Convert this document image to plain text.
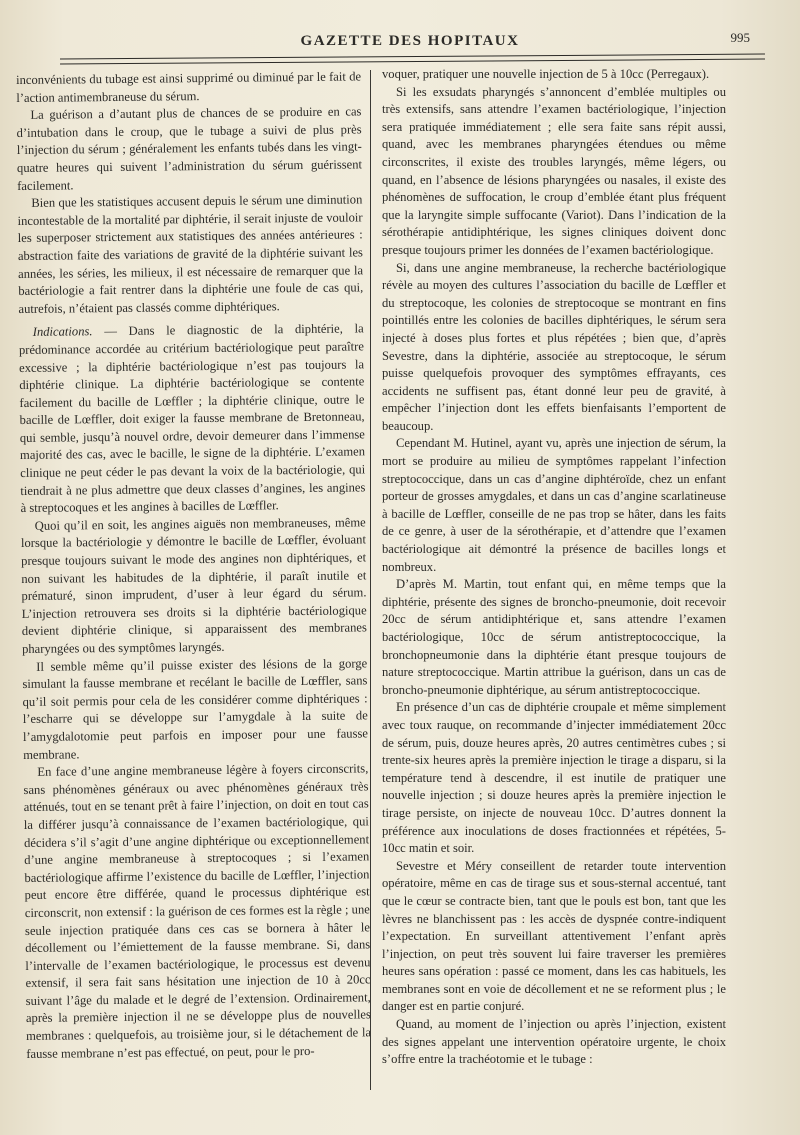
GAZETTE DES HOPITAUX	995

inconvénients du tubage est ainsi supprimé ou diminué par le fait de l’action antimembraneuse du sérum.

La guérison a d’autant plus de chances de se produire en cas d’intubation dans le croup, que le tubage a suivi de plus près l’injection du sérum ; généralement les enfants tubés dans les vingt-quatre heures qui suivent l’administration du sérum guérissent facilement.

Bien que les statistiques accusent depuis le sérum une diminution incontestable de la mortalité par diphtérie, il serait injuste de vouloir les superposer strictement aux statistiques des années antérieures : abstraction faite des variations de gravité de la diphtérie suivant les années, les séries, les milieux, il est nécessaire de remarquer que la bactériologie a fait rentrer dans la diphtérie une foule de cas qui, autrefois, n’étaient pas classés comme diphtériques.

Indications. — Dans le diagnostic de la diphtérie, la prédominance accordée au critérium bactériologique peut paraître excessive ; la diphtérie bactériologique n’est pas toujours la diphtérie clinique. La diphtérie bactériologique se contente facilement du bacille de Lœffler ; la diphtérie clinique, outre le bacille de Lœffler, doit exiger la fausse membrane de Bretonneau, qui semble, jusqu’à nouvel ordre, devoir demeurer dans l’immense majorité des cas, avec le bacille, le signe de la diphtérie. L’examen clinique ne peut céder le pas devant la voix de la bactériologie, qui tiendrait à ne plus admettre que deux classes d’angines, les angines à streptocoques et les angines à bacilles de Lœffler.

Quoi qu’il en soit, les angines aiguës non membraneuses, même lorsque la bactériologie y démontre le bacille de Lœffler, évoluant presque toujours suivant le mode des angines non diphtériques, et non suivant les habitudes de la diphtérie, il paraît inutile et prématuré, sinon imprudent, d’user à leur égard du sérum. L’injection retrouvera ses droits si la diphtérie bactériologique devient diphtérie clinique, si apparaissent des membranes pharyngées ou des symptômes laryngés.

Il semble même qu’il puisse exister des lésions de la gorge simulant la fausse membrane et recélant le bacille de Lœffler, sans qu’il soit permis pour cela de les considérer comme diphtériques : l’escharre qui se développe sur l’amygdale à la suite de l’amygdalotomie peut parfois en imposer pour une fausse membrane.

En face d’une angine membraneuse légère à foyers circonscrits, sans phénomènes généraux ou avec phénomènes généraux très atténués, tout en se tenant prêt à faire l’injection, on doit en tout cas la différer jusqu’à connaissance de l’examen bactériologique, qui décidera s’il s’agit d’une angine diphtérique ou exceptionnellement d’une angine membraneuse à streptocoques ; si l’examen bactériologique affirme l’existence du bacille de Lœffler, l’injection peut encore être différée, quand le processus diphtérique est circonscrit, non extensif : la guérison de ces formes est la règle ; une seule injection pratiquée dans ces cas se bornera à hâter le décollement ou l’émiettement de la fausse membrane. Si, dans l’intervalle de l’examen bactériologique, le processus est devenu extensif, il sera fait sans hésitation une injection de 10 à 20cc suivant l’âge du malade et le degré de l’extension. Ordinairement, après la première injection il ne se développe plus de nouvelles membranes : quelquefois, au troisième jour, si le détachement de la fausse membrane n’est pas effectué, on peut, pour le pro-

voquer, pratiquer une nouvelle injection de 5 à 10cc (Perregaux).

Si les exsudats pharyngés s’annoncent d’emblée multiples ou très extensifs, sans attendre l’examen bactériologique, l’injection sera pratiquée immédiatement ; elle sera faite sans répit aussi, quand, avec les membranes pharyngées étendues ou même circonscrites, il existe des troubles laryngés, même légers, ou quand, en l’absence de lésions pharyngées ou nasales, il existe des phénomènes de suffocation, le croup d’emblée étant plus fréquent que la laryngite simple suffocante (Variot). Dans l’indication de la sérothérapie antidiphtérique, les signes cliniques doivent donc presque toujours primer les données de l’examen bactériologique.

Si, dans une angine membraneuse, la recherche bactériologique révèle au moyen des cultures l’association du bacille de Lœffler et du streptocoque, les colonies de streptocoque se montrant en fins pointillés entre les colonies de bacilles diphtériques, le sérum sera injecté à doses plus fortes et plus répétées ; bien que, d’après Sevestre, dans la diphtérie, associée au streptocoque, le sérum puisse quelquefois provoquer des symptômes effrayants, ces accidents ne suffisent pas, étant donné leur peu de gravité, à empêcher l’injection dont les effets bienfaisants l’emportent de beaucoup.

Cependant M. Hutinel, ayant vu, après une injection de sérum, la mort se produire au milieu de symptômes rappelant l’infection streptococcique, dans un cas d’angine diphtéroïde, chez un enfant porteur de grosses amygdales, et dans un cas d’angine scarlatineuse à bacille de Lœffler, conseille de ne pas trop se hâter, dans les faits de ce genre, à user de la sérothérapie, et d’attendre que l’examen bactériologique ait démontré la présence de bacilles longs et nombreux.

D’après M. Martin, tout enfant qui, en même temps que la diphtérie, présente des signes de broncho-pneumonie, doit recevoir 20cc de sérum antidiphtérique et, sans attendre l’examen bactériologique, 10cc de sérum antistreptococcique, la bronchopneumonie dans la diphtérie étant presque toujours de nature streptococcique. Martin attribue la guérison, dans un cas de broncho-pneumonie diphtérique, au sérum antistreptococcique.

En présence d’un cas de diphtérie croupale et même simplement avec toux rauque, on recommande d’injecter immédiatement 20cc de sérum, puis, douze heures après, 20 autres centimètres cubes ; si trente-six heures après la première injection le tirage a disparu, si la température tend à descendre, il est inutile de pratiquer une nouvelle injection ; si douze heures après la première injection le tirage persiste, on injecte de nouveau 10cc. D’autres donnent la préférence aux inoculations de doses fractionnées et répétées, 5-10cc matin et soir.

Sevestre et Méry conseillent de retarder toute intervention opératoire, même en cas de tirage sus et sous-sternal accentué, tant que le cœur se contracte bien, tant que le pouls est bon, tant que les lèvres ne blanchissent pas : les accès de dyspnée contre-indiquent l’expectation. En surveillant attentivement l’enfant après l’injection, on peut très souvent lui faire traverser les premières heures sans opération : passé ce moment, dans les cas habituels, les membranes sont en voie de décollement et ne se reforment plus ; le danger est en partie conjuré.

Quand, au moment de l’injection ou après l’injection, existent des signes appelant une intervention opératoire urgente, le choix s’offre entre la trachéotomie et le tubage :
